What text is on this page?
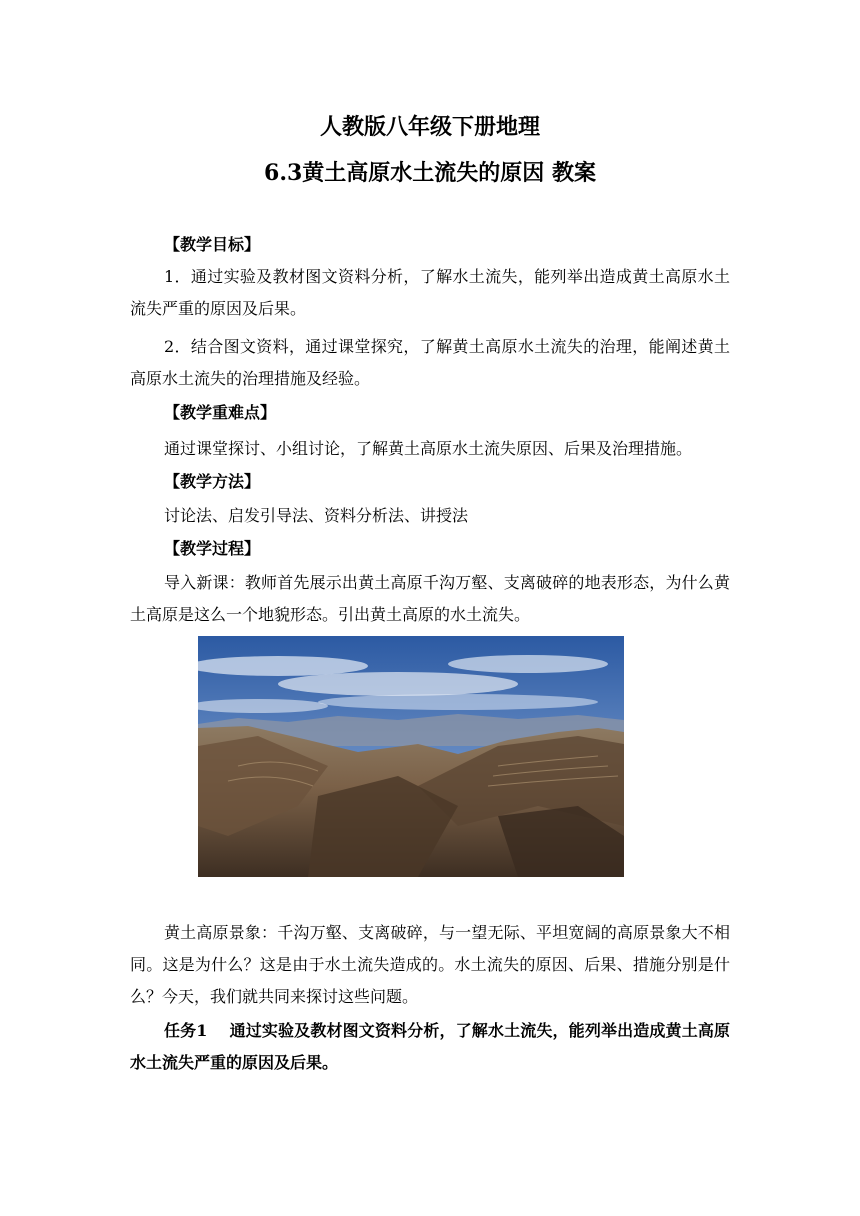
人教版八年级下册地理
6.3黄土高原水土流失的原因 教案

【教学目标】

1．通过实验及教材图文资料分析，了解水土流失，能列举出造成黄土高原水土流失严重的原因及后果。

2．结合图文资料，通过课堂探究，了解黄土高原水土流失的治理，能阐述黄土高原水土流失的治理措施及经验。

【教学重难点】

通过课堂探讨、小组讨论，了解黄土高原水土流失原因、后果及治理措施。

【教学方法】

讨论法、启发引导法、资料分析法、讲授法

【教学过程】

导入新课：教师首先展示出黄土高原千沟万壑、支离破碎的地表形态，为什么黄土高原是这么一个地貌形态。引出黄土高原的水土流失。

黄土高原景象：千沟万壑、支离破碎，与一望无际、平坦宽阔的高原景象大不相同。这是为什么？这是由于水土流失造成的。水土流失的原因、后果、措施分别是什么？今天，我们就共同来探讨这些问题。

任务1 通过实验及教材图文资料分析，了解水土流失，能列举出造成黄土高原水土流失严重的原因及后果。
